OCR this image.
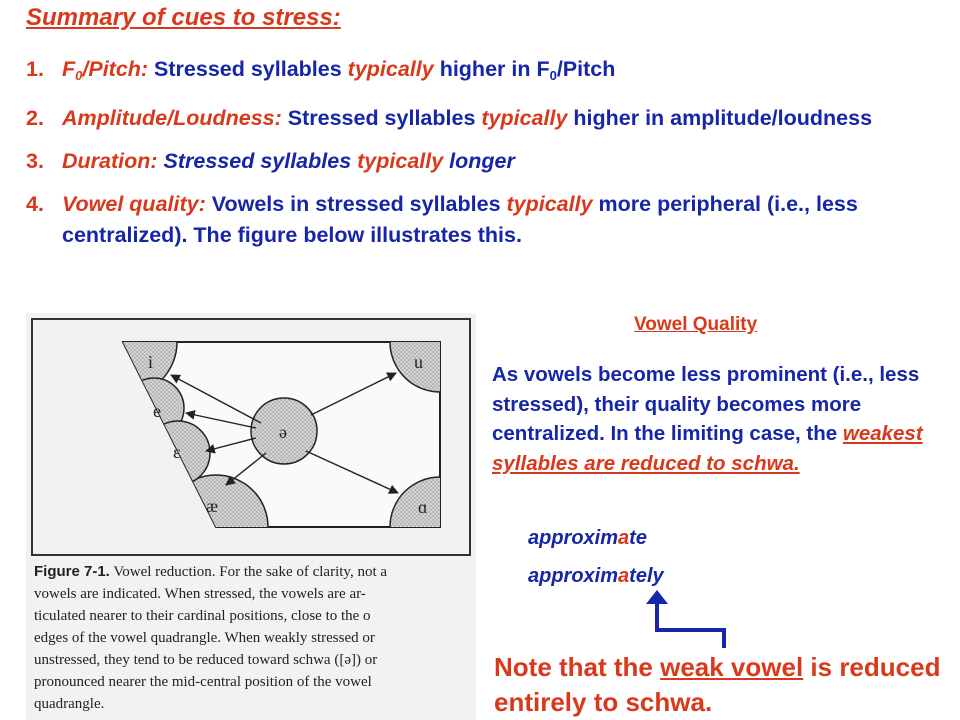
Summary of cues to stress:
1. $F_0$/Pitch: Stressed syllables typically higher in $F_0$/Pitch
2. Amplitude/Loudness: Stressed syllables typically higher in amplitude/loudness
3. Duration: Stressed syllables typically longer
4. Vowel quality: Vowels in stressed syllables typically more peripheral (i.e., less centralized). The figure below illustrates this.
i
e
ɛ
æ
u
ɑ
ə
Figure 7-1. Vowel reduction. For the sake of clarity, not a
vowels are indicated. When stressed, the vowels are ar-
ticulated nearer to their cardinal positions, close to the o
edges of the vowel quadrangle. When weakly stressed or
unstressed, they tend to be reduced toward schwa ([ə]) or
pronounced nearer the mid-central position of the vowel
quadrangle.
Vowel Quality
As vowels become less prominent (i.e., less stressed), their quality becomes more centralized. In the limiting case, the weakest syllables are reduced to schwa.
approximate
approximately
Note that the weak vowel is reduced entirely to schwa.
